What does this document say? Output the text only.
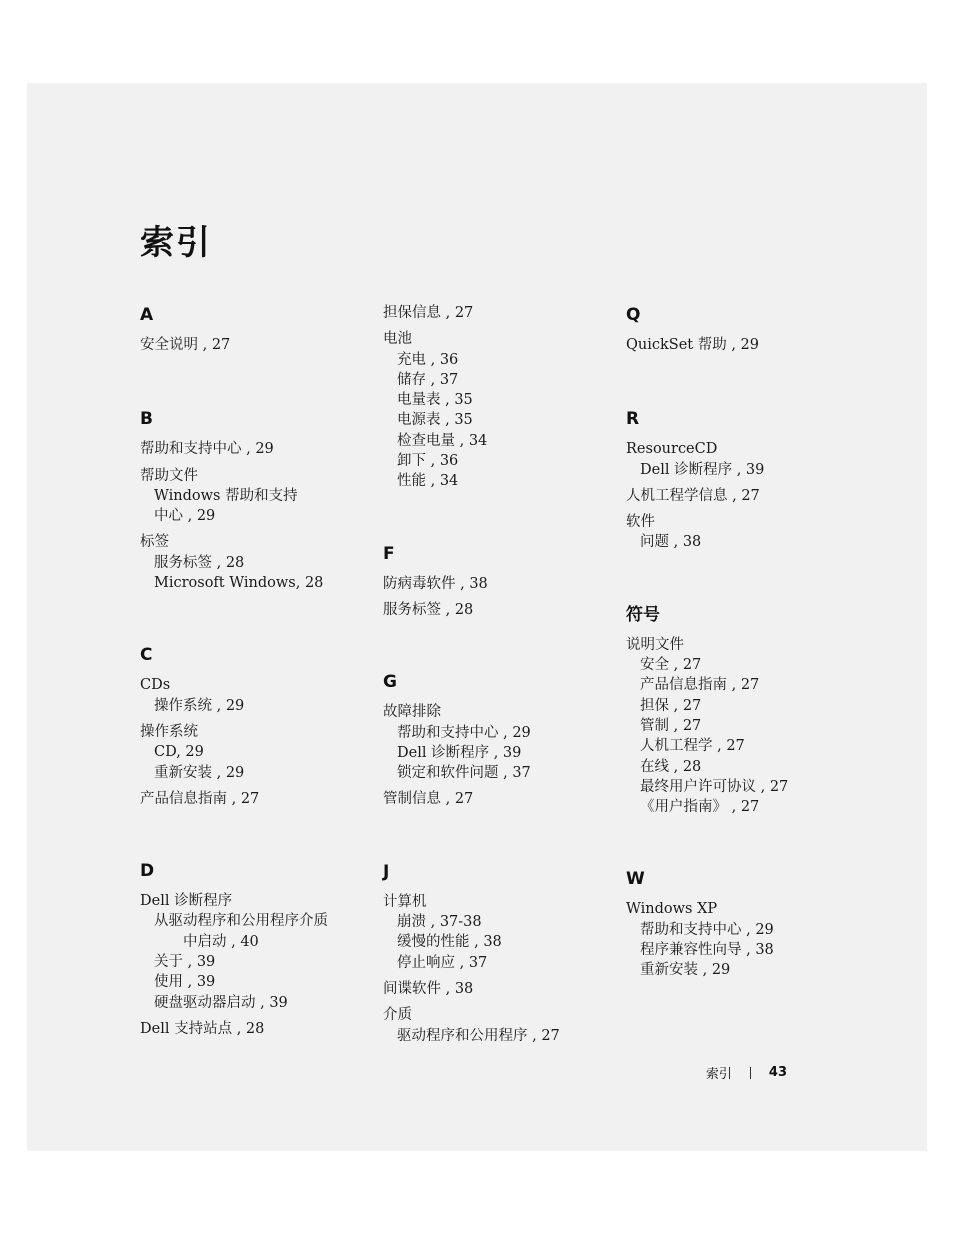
索引
A
安全说明 , 27
B
帮助和支持中心 , 29
帮助文件
Windows 帮助和支持
中心 , 29
标签
服务标签 , 28
Microsoft Windows, 28
C
CDs
操作系统 , 29
操作系统
CD, 29
重新安装 , 29
产品信息指南 , 27
D
Dell 诊断程序
从驱动程序和公用程序介质
中启动 , 40
关于 , 39
使用 , 39
硬盘驱动器启动 , 39
Dell 支持站点 , 28
担保信息 , 27
电池
充电 , 36
储存 , 37
电量表 , 35
电源表 , 35
检查电量 , 34
卸下 , 36
性能 , 34
F
防病毒软件 , 38
服务标签 , 28
G
故障排除
帮助和支持中心 , 29
Dell 诊断程序 , 39
锁定和软件问题 , 37
管制信息 , 27
J
计算机
崩溃 , 37-38
缓慢的性能 , 38
停止响应 , 37
间谍软件 , 38
介质
驱动程序和公用程序 , 27
Q
QuickSet 帮助 , 29
R
ResourceCD
Dell 诊断程序 , 39
人机工程学信息 , 27
软件
问题 , 38
符号
说明文件
安全 , 27
产品信息指南 , 27
担保 , 27
管制 , 27
人机工程学 , 27
在线 , 28
最终用户许可协议 , 27
《用户指南》 , 27
W
Windows XP
帮助和支持中心 , 29
程序兼容性向导 , 38
重新安装 , 29
索引	43
